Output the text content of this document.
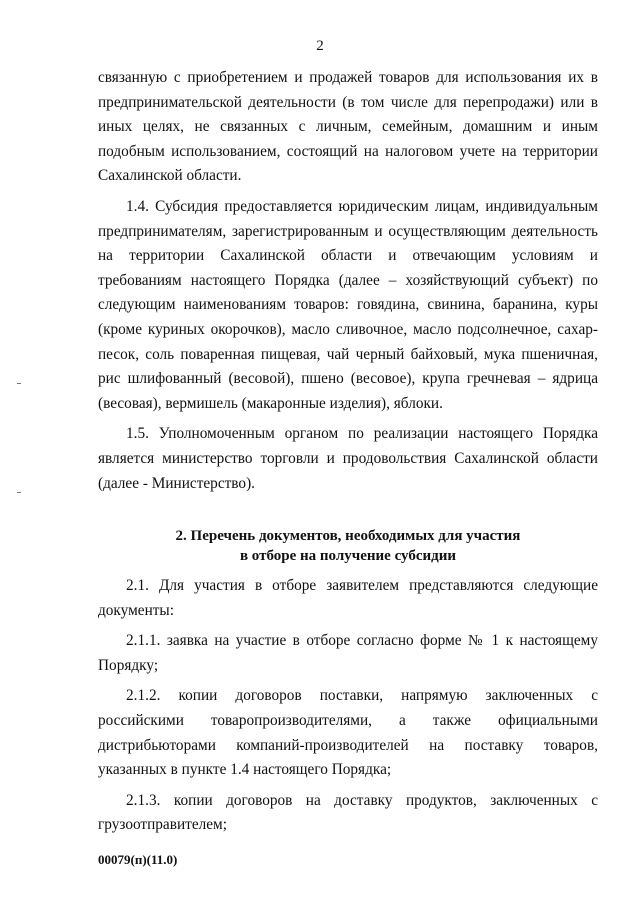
2

связанную с приобретением и продажей товаров для использования их в предпринимательской деятельности (в том числе для перепродажи) или в иных целях, не связанных с личным, семейным, домашним и иным подобным использованием, состоящий на налоговом учете на территории Сахалинской области.

1.4. Субсидия предоставляется юридическим лицам, индивидуальным предпринимателям, зарегистрированным и осуществляющим деятельность на территории Сахалинской области и отвечающим условиям и требованиям настоящего Порядка (далее – хозяйствующий субъект) по следующим наименованиям товаров: говядина, свинина, баранина, куры (кроме куриных окорочков), масло сливочное, масло подсолнечное, сахар-песок, соль поваренная пищевая, чай черный байховый, мука пшеничная, рис шлифованный (весовой), пшено (весовое), крупа гречневая – ядрица (весовая), вермишель (макаронные изделия), яблоки.

1.5. Уполномоченным органом по реализации настоящего Порядка является министерство торговли и продовольствия Сахалинской области (далее - Министерство).

2. Перечень документов, необходимых для участия
в отборе на получение субсидии

2.1. Для участия в отборе заявителем представляются следующие документы:

2.1.1. заявка на участие в отборе согласно форме № 1 к настоящему Порядку;

2.1.2. копии договоров поставки, напрямую заключенных с российскими товаропроизводителями, а также официальными дистрибьюторами компаний-производителей на поставку товаров, указанных в пункте 1.4 настоящего Порядка;

2.1.3. копии договоров на доставку продуктов, заключенных с грузоотправителем;

00079(п)(11.0)
